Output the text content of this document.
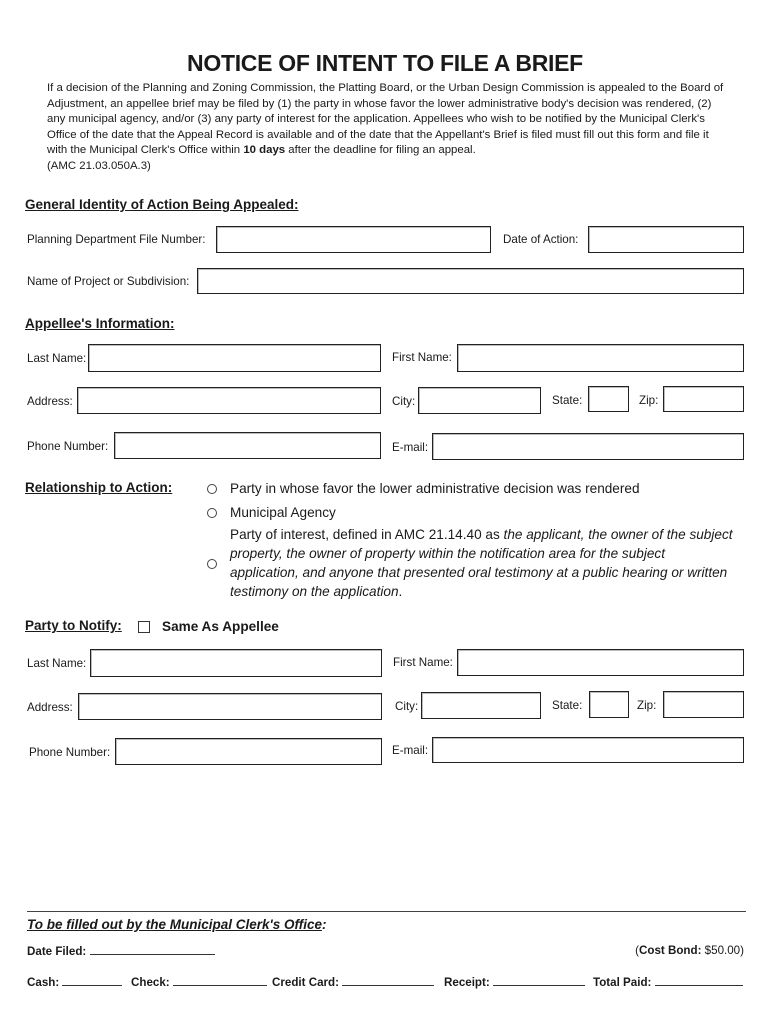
NOTICE OF INTENT TO FILE A BRIEF
If a decision of the Planning and Zoning Commission, the Platting Board, or the Urban Design Commission is appealed to the Board of Adjustment, an appellee brief may be filed by (1) the party in whose favor the lower administrative body's decision was rendered, (2) any municipal agency, and/or (3) any party of interest for the application. Appellees who wish to be notified by the Municipal Clerk's Office of the date that the Appeal Record is available and of the date that the Appellant's Brief is filed must fill out this form and file it with the Municipal Clerk's Office within 10 days after the deadline for filing an appeal.
(AMC 21.03.050A.3)
General Identity of Action Being Appealed:
Planning Department File Number:	Date of Action:
Name of Project or Subdivision:
Appellee's Information:
Last Name:	First Name:
Address:	City:	State:	Zip:
Phone Number:	E-mail:
Relationship to Action:	Party in whose favor the lower administrative decision was rendered
Municipal Agency
Party of interest, defined in AMC 21.14.40 as the applicant, the owner of the subject
property, the owner of property within the notification area for the subject
application, and anyone that presented oral testimony at a public hearing or written
testimony on the application.
Party to Notify:	Same As Appellee
Last Name:	First Name:
Address:	City:	State:	Zip:
Phone Number:	E-mail:
To be filled out by the Municipal Clerk's Office:
Date Filed:	(Cost Bond: $50.00)
Cash:	Check:	Credit Card:	Receipt:	Total Paid:
